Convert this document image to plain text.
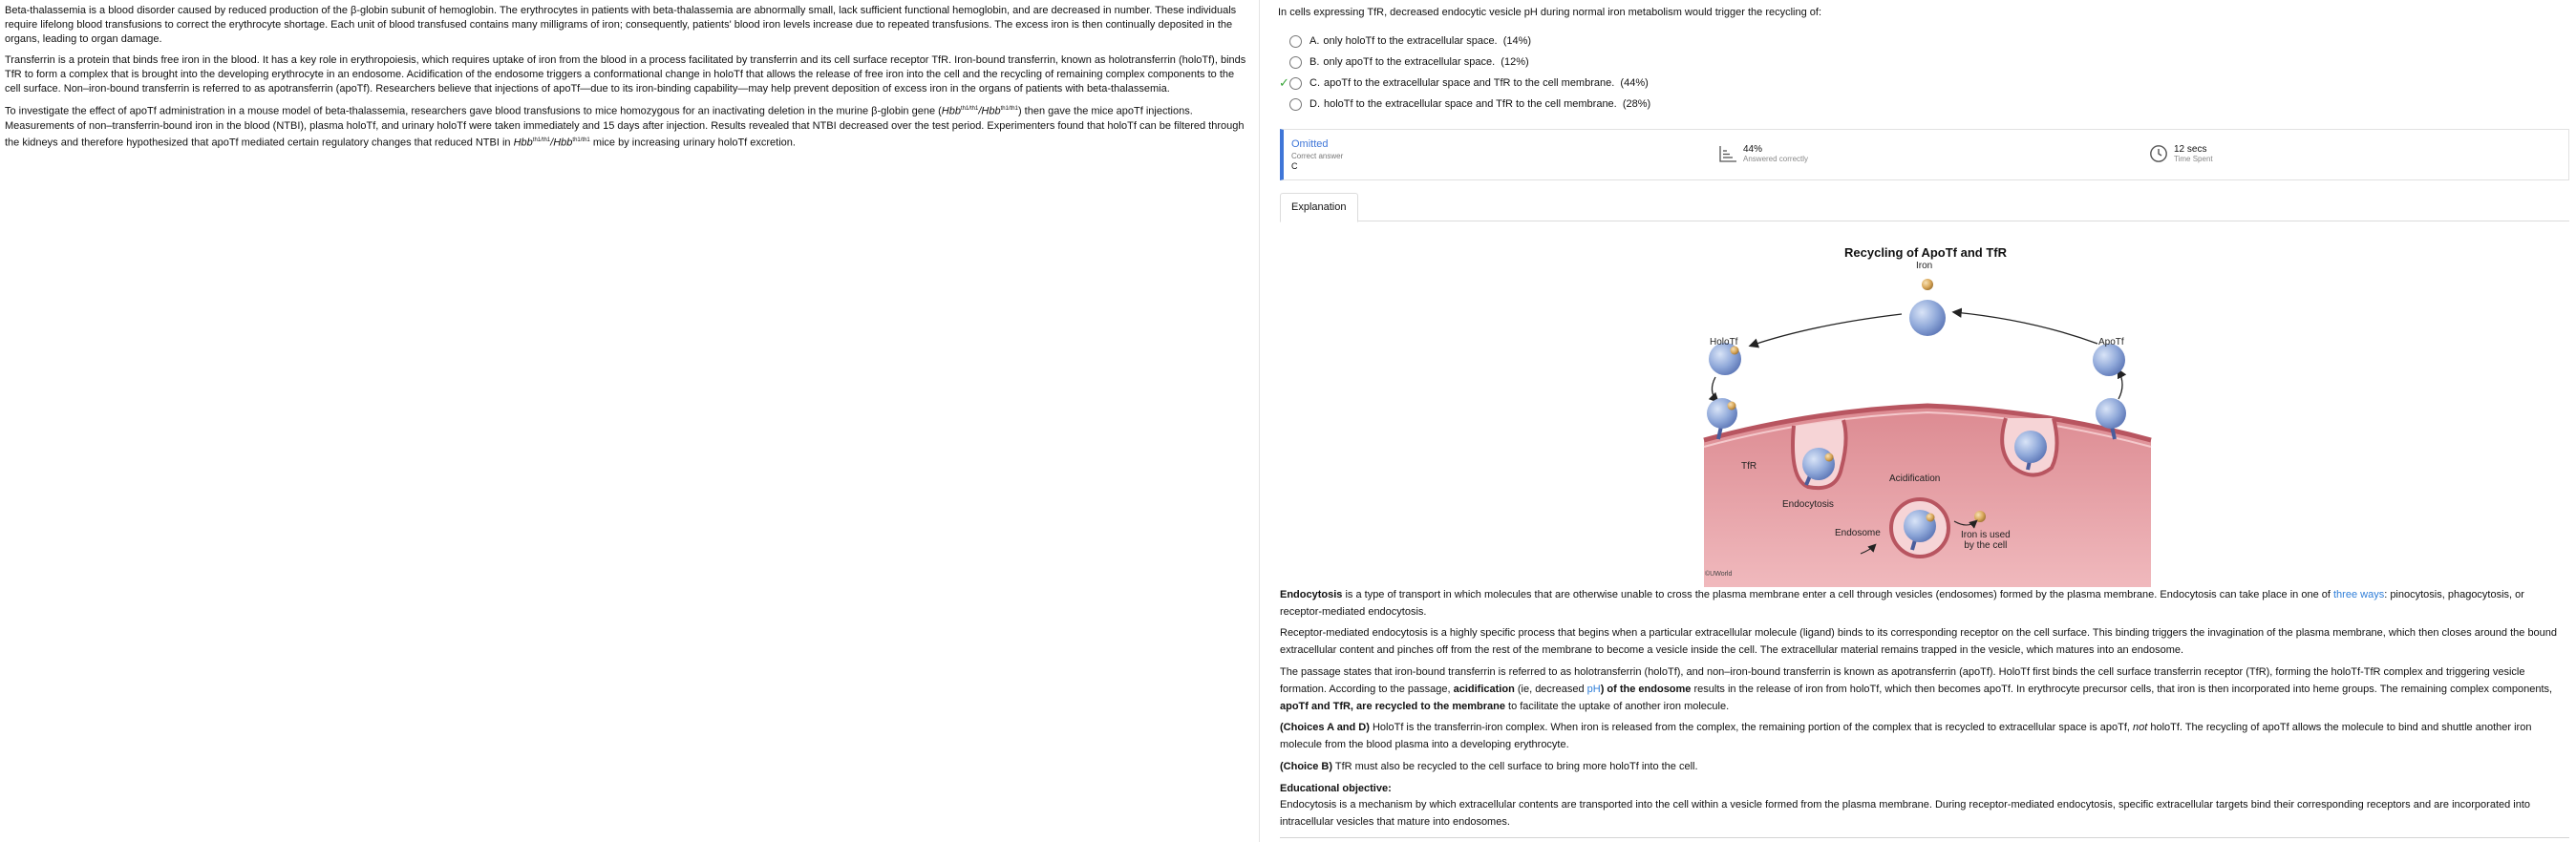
Beta-thalassemia is a blood disorder caused by reduced production of the β-globin subunit of hemoglobin. The erythrocytes in patients with beta-thalassemia are abnormally small, lack sufficient functional hemoglobin, and are decreased in number. These individuals require lifelong blood transfusions to correct the erythrocyte shortage. Each unit of blood transfused contains many milligrams of iron; consequently, patients' blood iron levels increase due to repeated transfusions. The excess iron is then continually deposited in the organs, leading to organ damage.

Transferrin is a protein that binds free iron in the blood. It has a key role in erythropoiesis, which requires uptake of iron from the blood in a process facilitated by transferrin and its cell surface receptor TfR. Iron-bound transferrin, known as holotransferrin (holoTf), binds TfR to form a complex that is brought into the developing erythrocyte in an endosome. Acidification of the endosome triggers a conformational change in holoTf that allows the release of free iron into the cell and the recycling of remaining complex components to the cell surface. Non–iron-bound transferrin is referred to as apotransferrin (apoTf). Researchers believe that injections of apoTf—due to its iron-binding capability—may help prevent deposition of excess iron in the organs of patients with beta-thalassemia.

To investigate the effect of apoTf administration in a mouse model of beta-thalassemia, researchers gave blood transfusions to mice homozygous for an inactivating deletion in the murine β-globin gene (Hbb$^{th1/th1}$/Hbb$^{th1/th1}$) then gave the mice apoTf injections. Measurements of non–transferrin-bound iron in the blood (NTBI), plasma holoTf, and urinary holoTf were taken immediately and 15 days after injection. Results revealed that NTBI decreased over the test period. Experimenters found that holoTf can be filtered through the kidneys and therefore hypothesized that apoTf mediated certain regulatory changes that reduced NTBI in Hbb$^{th1/th1}$/Hbb$^{th1/th1}$ mice by increasing urinary holoTf excretion.

In cells expressing TfR, decreased endocytic vesicle pH during normal iron metabolism would trigger the recycling of:
A. only holoTf to the extracellular space.
(14%)
B. only apoTf to the extracellular space.
(12%)
✓ C. apoTf to the extracellular space and TfR to the cell membrane.
(44%)
D. holoTf to the extracellular space and TfR to the cell membrane.
(28%)
Omitted
Correct answer
C
44%
Answered correctly
12 secs
Time Spent
Explanation
Recycling of ApoTf and TfR
Iron
HoloTf	ApoTf
TfR
Acidification
Endocytosis
Endosome	Iron is used
by the cell
©UWorld
Endocytosis is a type of transport in which molecules that are otherwise unable to cross the plasma membrane enter a cell through vesicles (endosomes) formed by the plasma membrane. Endocytosis can take place in one of three ways: pinocytosis, phagocytosis, or receptor-mediated endocytosis.
Receptor-mediated endocytosis is a highly specific process that begins when a particular extracellular molecule (ligand) binds to its corresponding receptor on the cell surface. This binding triggers the invagination of the plasma membrane, which then closes around the bound extracellular content and pinches off from the rest of the membrane to become a vesicle inside the cell. The extracellular material remains trapped in the vesicle, which matures into an endosome.
The passage states that iron-bound transferrin is referred to as holotransferrin (holoTf), and non–iron-bound transferrin is known as apotransferrin (apoTf). HoloTf first binds the cell surface transferrin receptor (TfR), forming the holoTf-TfR complex and triggering vesicle formation. According to the passage, acidification (ie, decreased pH) of the endosome results in the release of iron from holoTf, which then becomes apoTf. In erythrocyte precursor cells, that iron is then incorporated into heme groups. The remaining complex components, apoTf and TfR, are recycled to the membrane to facilitate the uptake of another iron molecule.
(Choices A and D) HoloTf is the transferrin-iron complex. When iron is released from the complex, the remaining portion of the complex that is recycled to extracellular space is apoTf, not holoTf. The recycling of apoTf allows the molecule to bind and shuttle another iron molecule from the blood plasma into a developing erythrocyte.
(Choice B) TfR must also be recycled to the cell surface to bring more holoTf into the cell.
Educational objective:
Endocytosis is a mechanism by which extracellular contents are transported into the cell within a vesicle formed from the plasma membrane. During receptor-mediated endocytosis, specific extracellular targets bind their corresponding receptors and are incorporated into intracellular vesicles that mature into endosomes.
